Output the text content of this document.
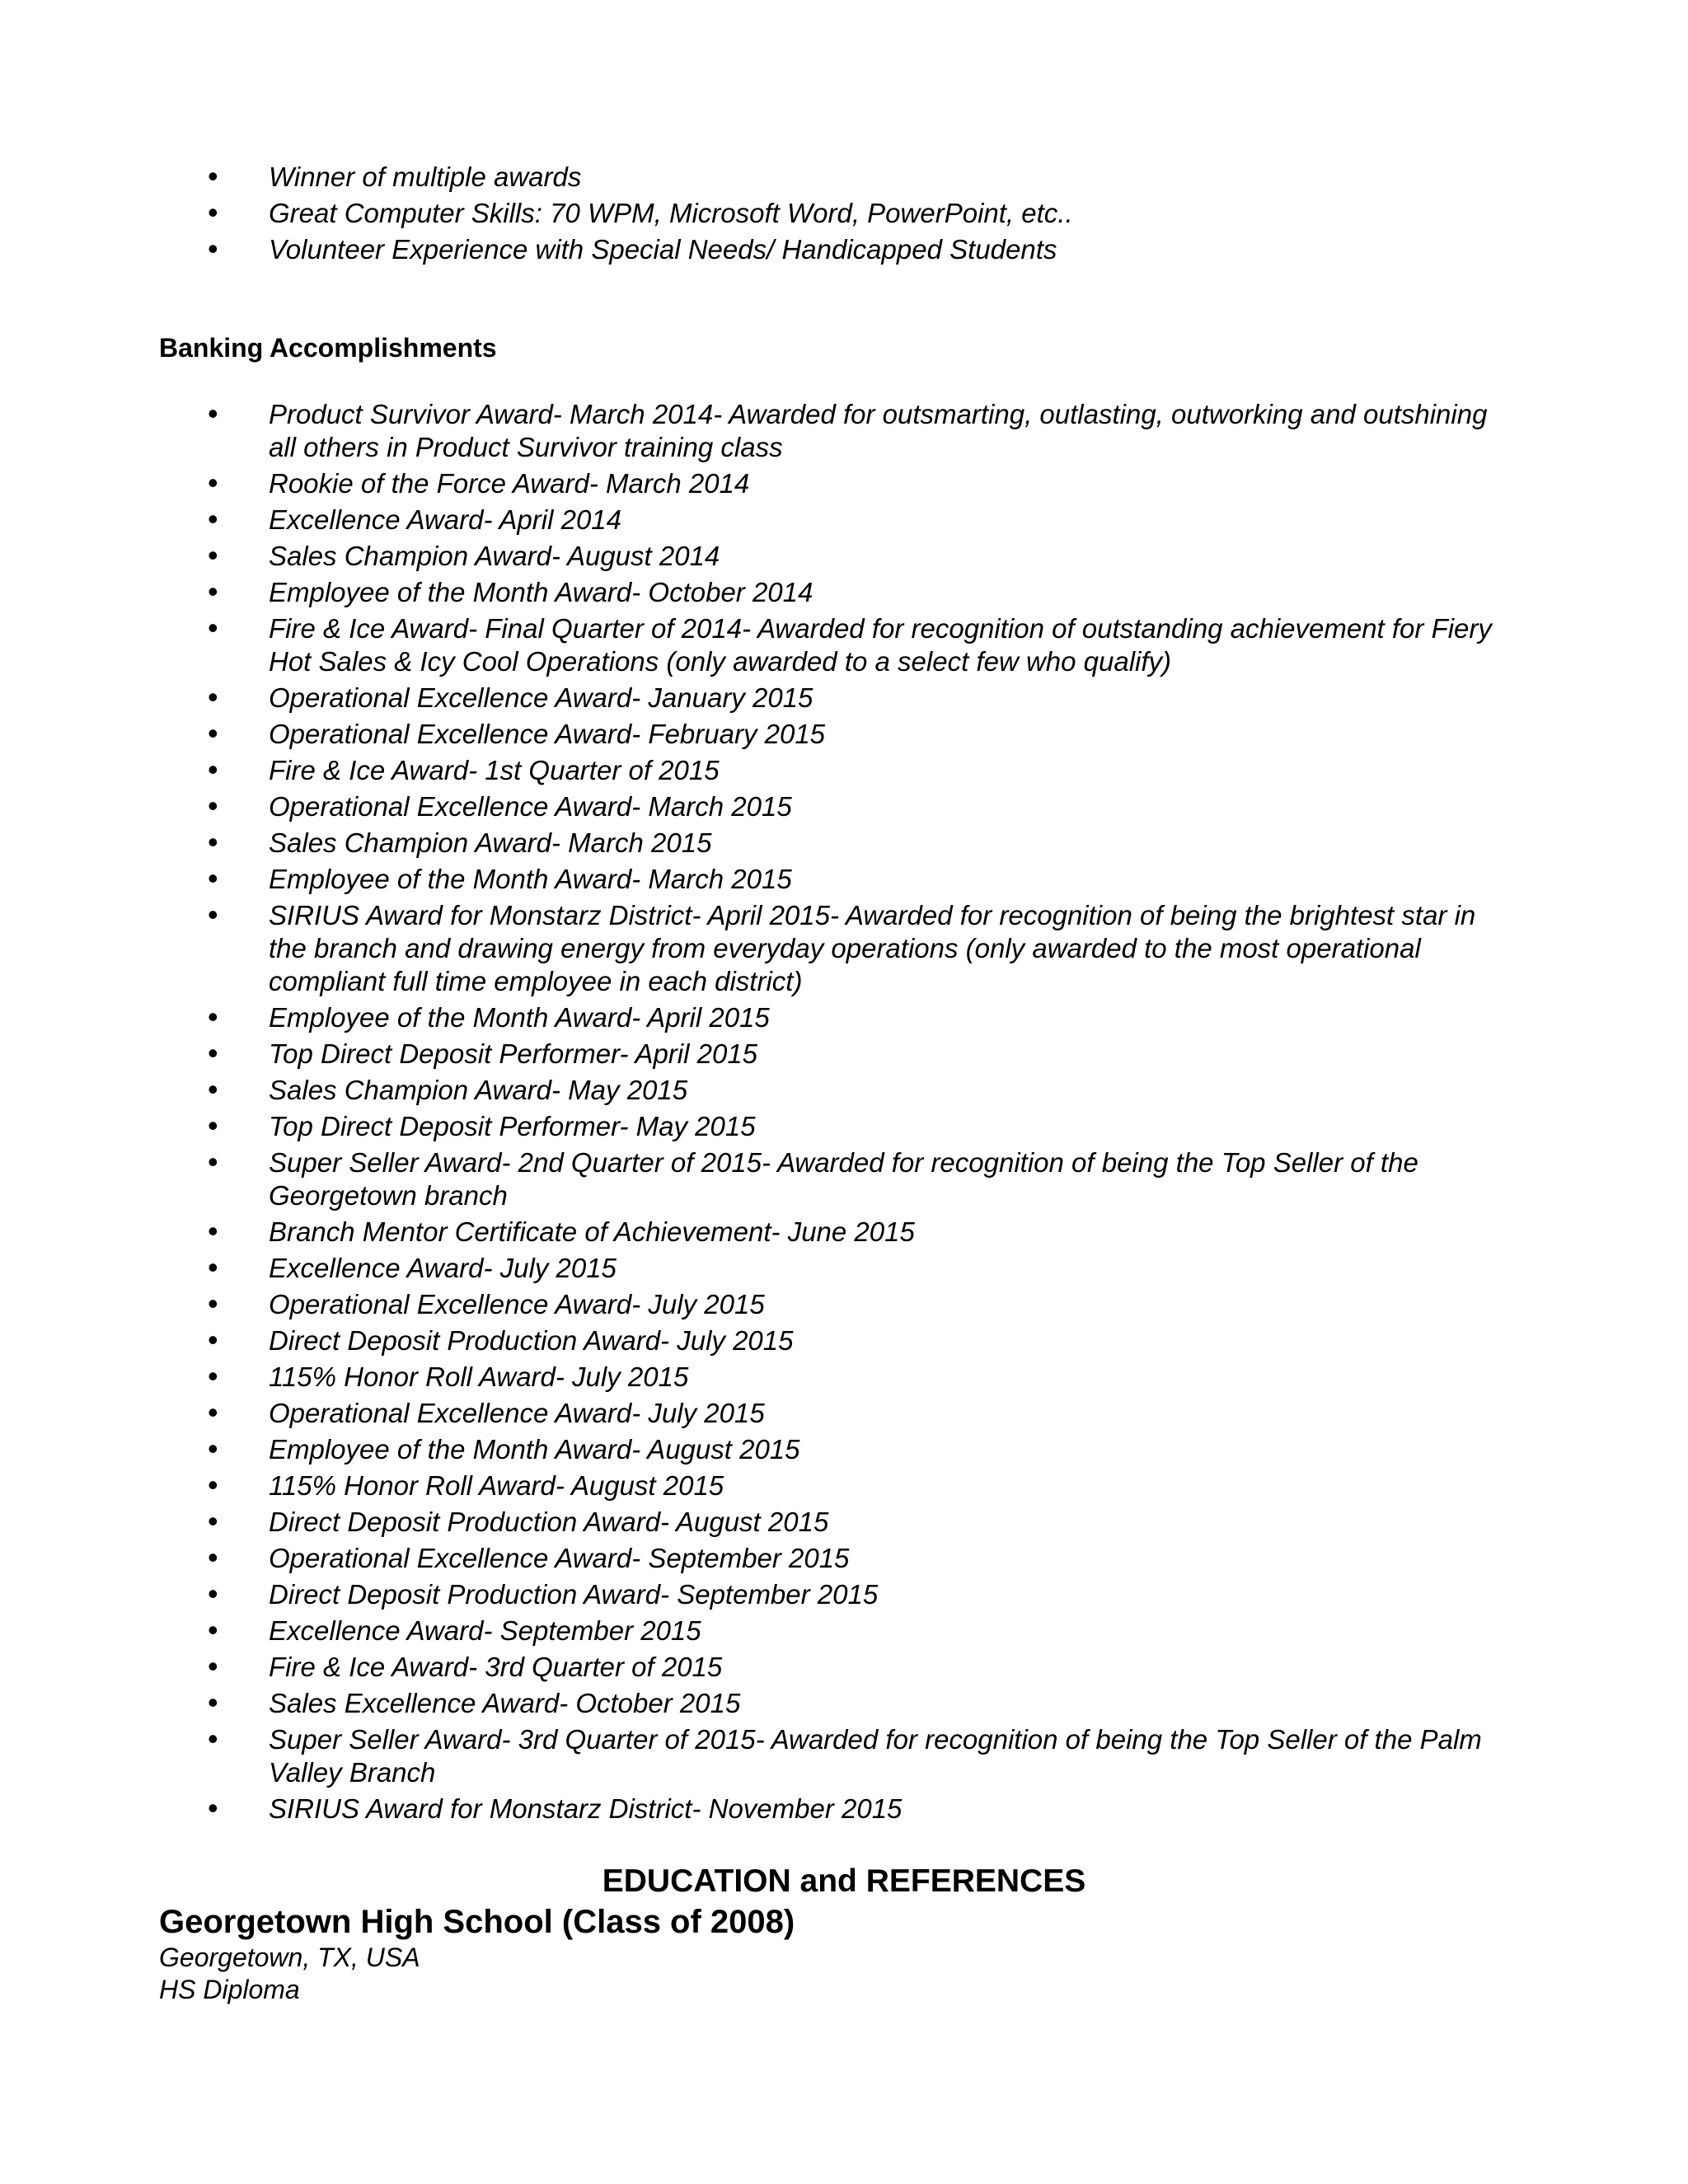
• Winner of multiple awards
• Great Computer Skills: 70 WPM, Microsoft Word, PowerPoint, etc..
• Volunteer Experience with Special Needs/ Handicapped Students
Banking Accomplishments
• Product Survivor Award- March 2014- Awarded for outsmarting, outlasting, outworking and outshining all others in Product Survivor training class
• Rookie of the Force Award- March 2014
• Excellence Award- April 2014
• Sales Champion Award- August 2014
• Employee of the Month Award- October 2014
• Fire & Ice Award- Final Quarter of 2014- Awarded for recognition of outstanding achievement for Fiery Hot Sales & Icy Cool Operations (only awarded to a select few who qualify)
• Operational Excellence Award- January 2015
• Operational Excellence Award- February 2015
• Fire & Ice Award- 1st Quarter of 2015
• Operational Excellence Award- March 2015
• Sales Champion Award- March 2015
• Employee of the Month Award- March 2015
• SIRIUS Award for Monstarz District- April 2015- Awarded for recognition of being the brightest star in the branch and drawing energy from everyday operations (only awarded to the most operational compliant full time employee in each district)
• Employee of the Month Award- April 2015
• Top Direct Deposit Performer- April 2015
• Sales Champion Award- May 2015
• Top Direct Deposit Performer- May 2015
• Super Seller Award- 2nd Quarter of 2015- Awarded for recognition of being the Top Seller of the Georgetown branch
• Branch Mentor Certificate of Achievement- June 2015
• Excellence Award- July 2015
• Operational Excellence Award- July 2015
• Direct Deposit Production Award- July 2015
• 115% Honor Roll Award- July 2015
• Operational Excellence Award- July 2015
• Employee of the Month Award- August 2015
• 115% Honor Roll Award- August 2015
• Direct Deposit Production Award- August 2015
• Operational Excellence Award- September 2015
• Direct Deposit Production Award- September 2015
• Excellence Award- September 2015
• Fire & Ice Award- 3rd Quarter of 2015
• Sales Excellence Award- October 2015
• Super Seller Award- 3rd Quarter of 2015- Awarded for recognition of being the Top Seller of the Palm Valley Branch
• SIRIUS Award for Monstarz District- November 2015
EDUCATION and REFERENCES
Georgetown High School (Class of 2008)
Georgetown, TX, USA
HS Diploma
